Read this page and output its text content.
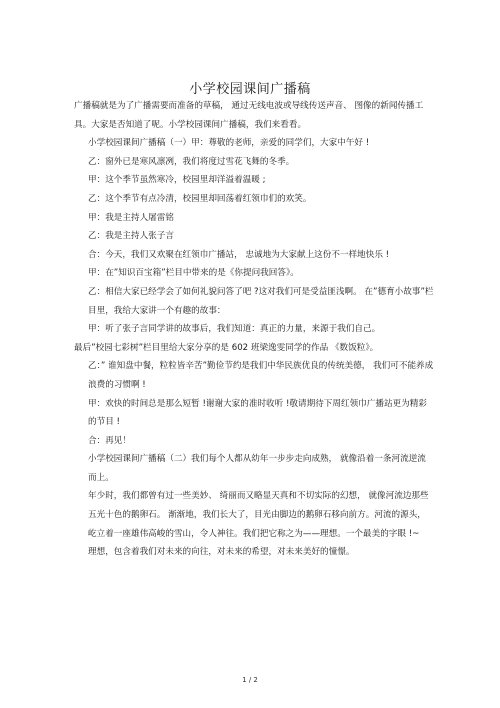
小学校园课间广播稿

广播稿就是为了广播需要而准备的草稿， 通过无线电波或导线传送声音、 图像的新闻传播工具。大家是否知道了呢。小学校园课间广播稿，我们来看看。

小学校园课间广播稿（一）甲：尊敬的老师，亲爱的同学们，大家中午好 !

乙：窗外已是寒风凛冽，我们将度过雪花飞舞的冬季。

甲：这个季节虽然寒冷，校园里却洋溢着温暖 ;

乙：这个季节有点冷清，校园里却回荡着红领巾们的欢笑。

甲：我是主持人屠雷铭

乙：我是主持人张子言

合：今天，我们又欢聚在红领巾广播站， 忠诚地为大家献上这份不一样地快乐 !

甲：在”知识百宝箱”栏目中带来的是《你提问我回答》。

乙：相信大家已经学会了如何礼貌问答了吧 ?这对我们可是受益匪浅啊。 在”德育小故事”栏目里，我给大家讲一个有趣的故事：

甲：听了张子言同学讲的故事后，我们知道：真正的力量，来源于我们自己。

最后”校园七彩树”栏目里给大家分享的是 602 班梁逸雯同学的作品 《数饭粒》。

乙：” 谁知盘中餐，粒粒皆辛苦”勤俭节约是我们中华民族优良的传统美德， 我们可不能养成浪费的习惯啊 !

甲：欢快的时间总是那么短暂 !谢谢大家的准时收听 !敬请期待下周红领巾广播站更为精彩的节目 !

合：再见！

小学校园课间广播稿（二）我们每个人都从幼年一步步走向成熟， 就像沿着一条河流逆流而上。

年少时，我们都曾有过一些美妙、 绮丽而又略显天真和不切实际的幻想， 就像河流边那些五光十色的鹅卵石。 渐渐地，我们长大了，目光由脚边的鹅卵石移向前方。河流的源头，屹立着一座雄伟高峻的雪山，令人神往。我们把它称之为——理想。一个最美的字眼 !~

理想，包含着我们对未来的向往，对未来的希望，对未来美好的憧憬。

1 / 2
